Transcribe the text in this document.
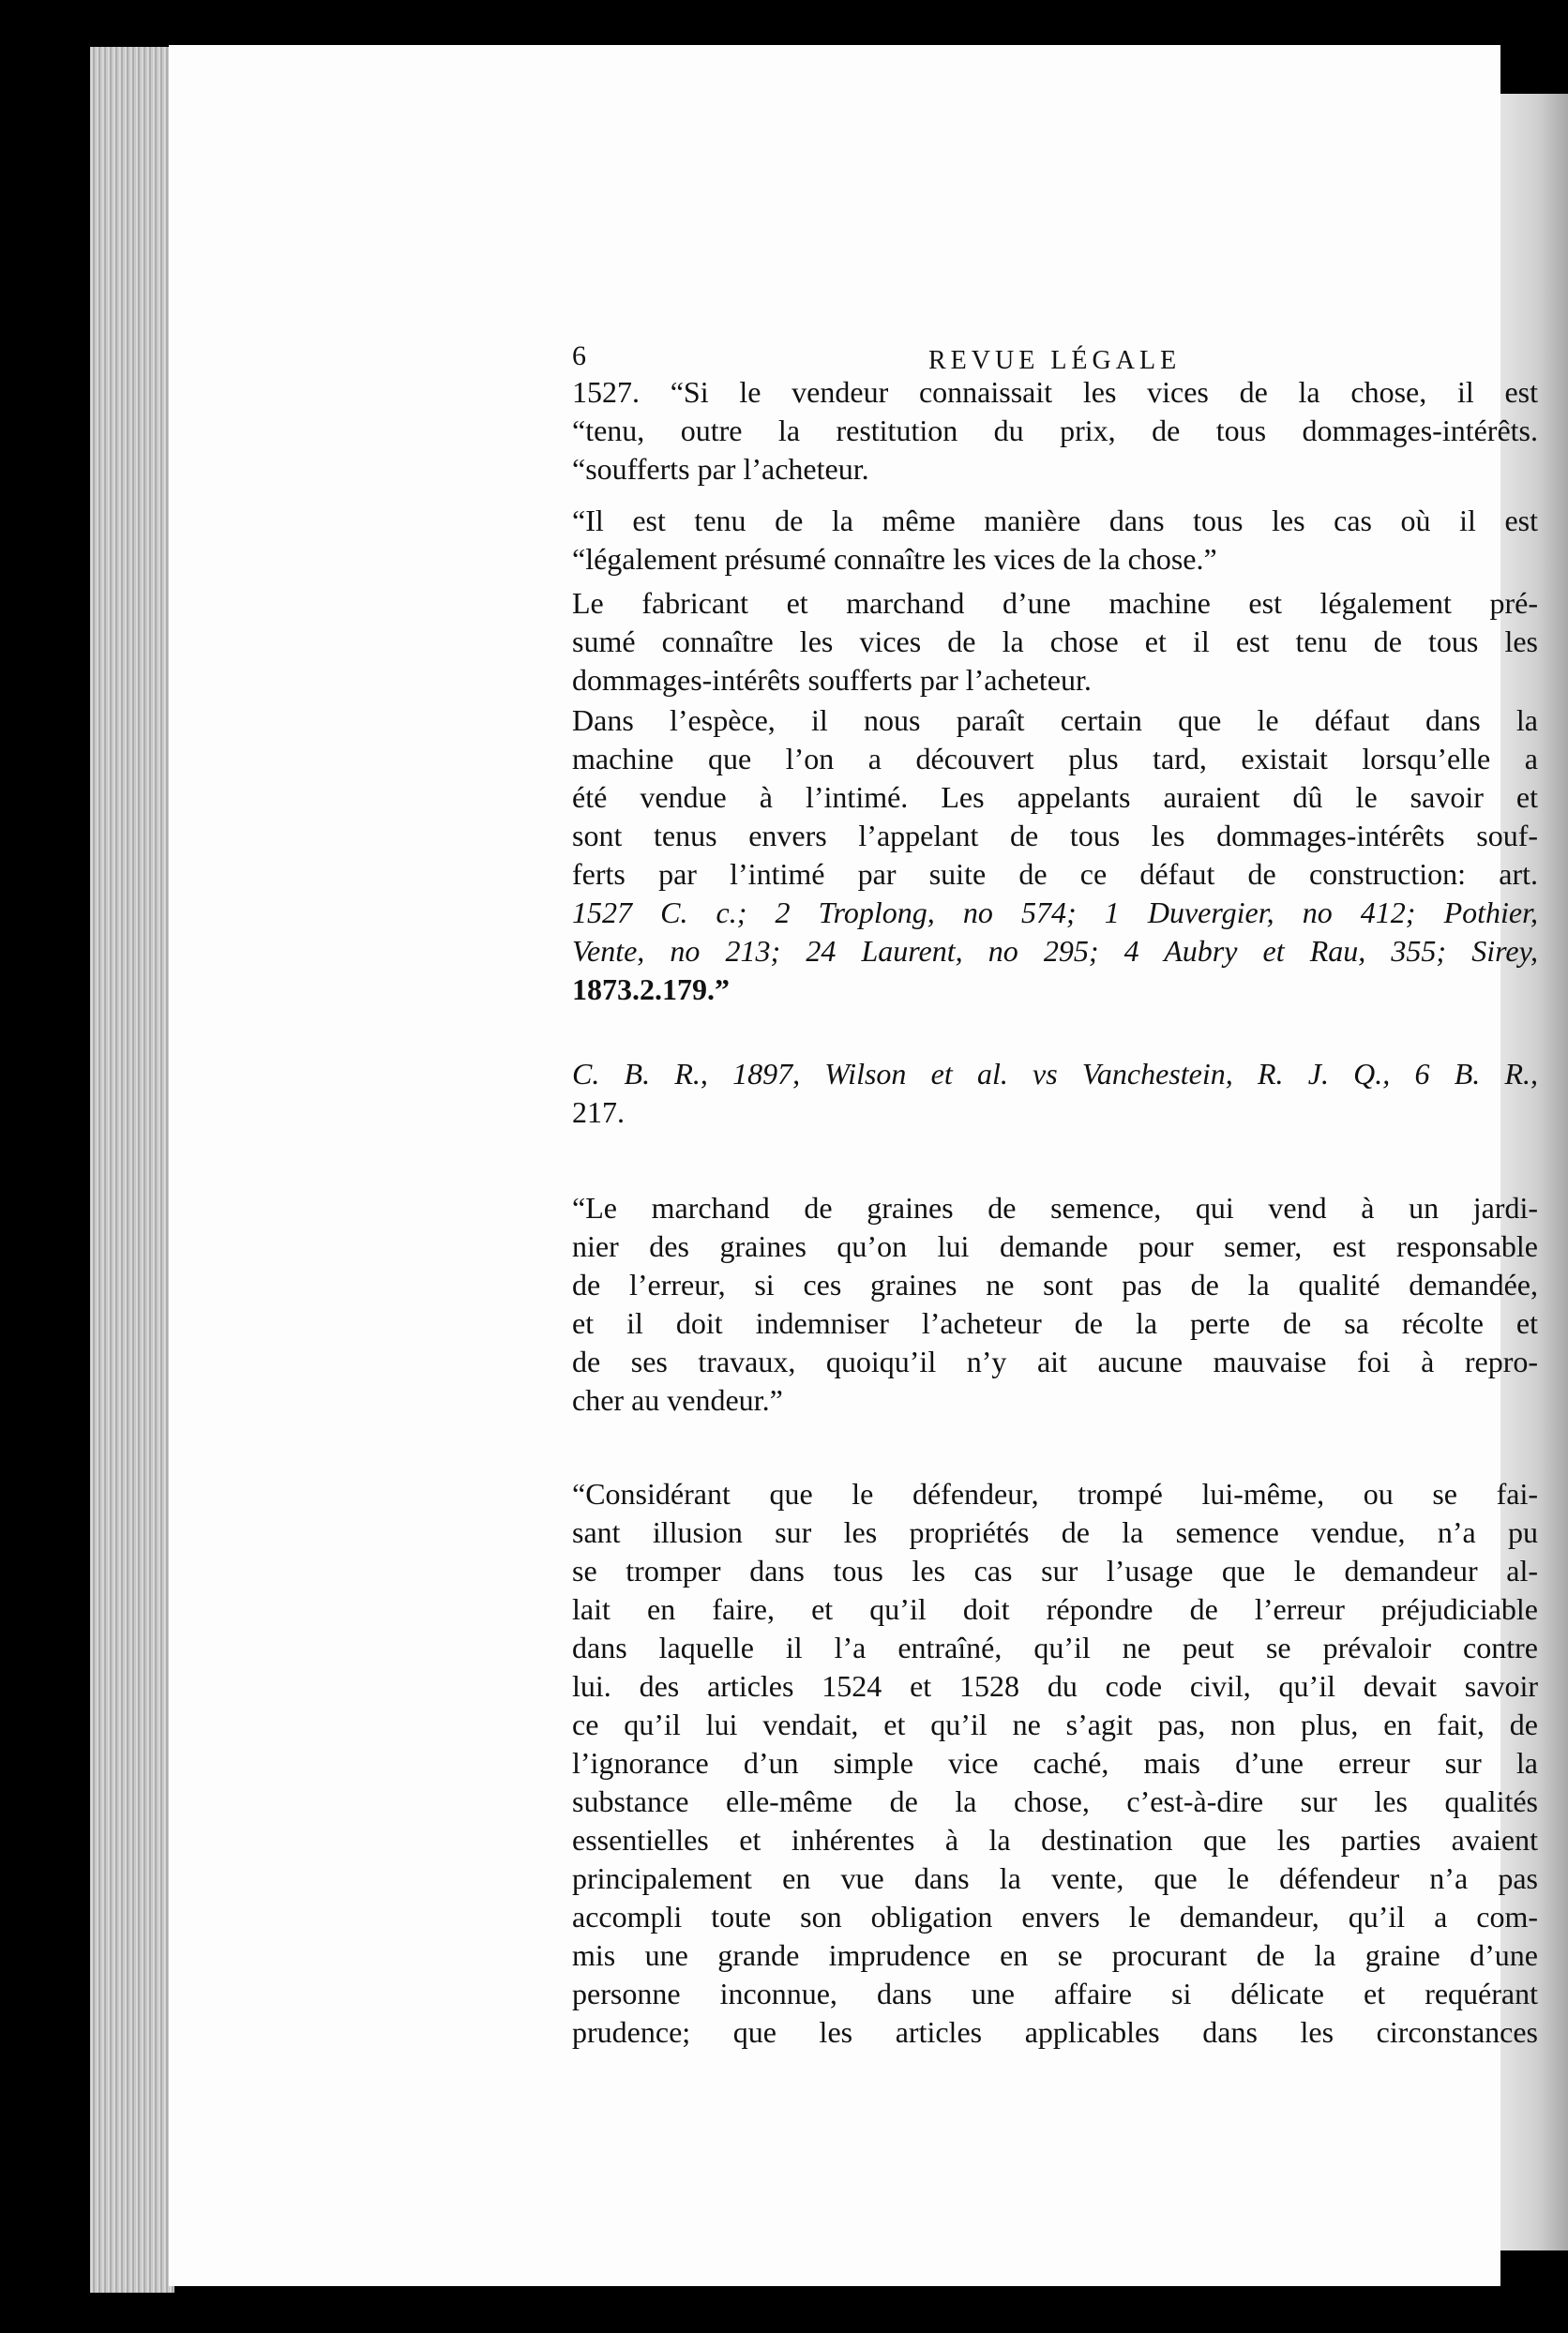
6	REVUE LÉGALE

1527. “Si le vendeur connaissait les vices de la chose, il est
“tenu, outre la restitution du prix, de tous dommages-intérêts.
“soufferts par l’acheteur.

“Il est tenu de la même manière dans tous les cas où il est
“légalement présumé connaître les vices de la chose.”

Le fabricant et marchand d’une machine est légalement pré-
sumé connaître les vices de la chose et il est tenu de tous les
dommages-intérêts soufferts par l’acheteur.

Dans l’espèce, il nous paraît certain que le défaut dans la
machine que l’on a découvert plus tard, existait lorsqu’elle a
été vendue à l’intimé. Les appelants auraient dû le savoir et
sont tenus envers l’appelant de tous les dommages-intérêts souf-
ferts par l’intimé par suite de ce défaut de construction: art.
1527 C. c.; 2 Troplong, no 574; 1 Duvergier, no 412; Pothier,
Vente, no 213; 24 Laurent, no 295; 4 Aubry et Rau, 355; Sirey,
1873.2.179.”

C. B. R., 1897, Wilson et al. vs Vanchestein, R. J. Q., 6 B. R.,
217.

“Le marchand de graines de semence, qui vend à un jardi-
nier des graines qu’on lui demande pour semer, est responsable
de l’erreur, si ces graines ne sont pas de la qualité demandée,
et il doit indemniser l’acheteur de la perte de sa récolte et
de ses travaux, quoiqu’il n’y ait aucune mauvaise foi à repro-
cher au vendeur.”

“Considérant que le défendeur, trompé lui-même, ou se fai-
sant illusion sur les propriétés de la semence vendue, n’a pu
se tromper dans tous les cas sur l’usage que le demandeur al-
lait en faire, et qu’il doit répondre de l’erreur préjudiciable
dans laquelle il l’a entraîné, qu’il ne peut se prévaloir contre
lui. des articles 1524 et 1528 du code civil, qu’il devait savoir
ce qu’il lui vendait, et qu’il ne s’agit pas, non plus, en fait, de
l’ignorance d’un simple vice caché, mais d’une erreur sur la
substance elle-même de la chose, c’est-à-dire sur les qualités
essentielles et inhérentes à la destination que les parties avaient
principalement en vue dans la vente, que le défendeur n’a pas
accompli toute son obligation envers le demandeur, qu’il a com-
mis une grande imprudence en se procurant de la graine d’une
personne inconnue, dans une affaire si délicate et requérant
prudence; que les articles applicables dans les circonstances
